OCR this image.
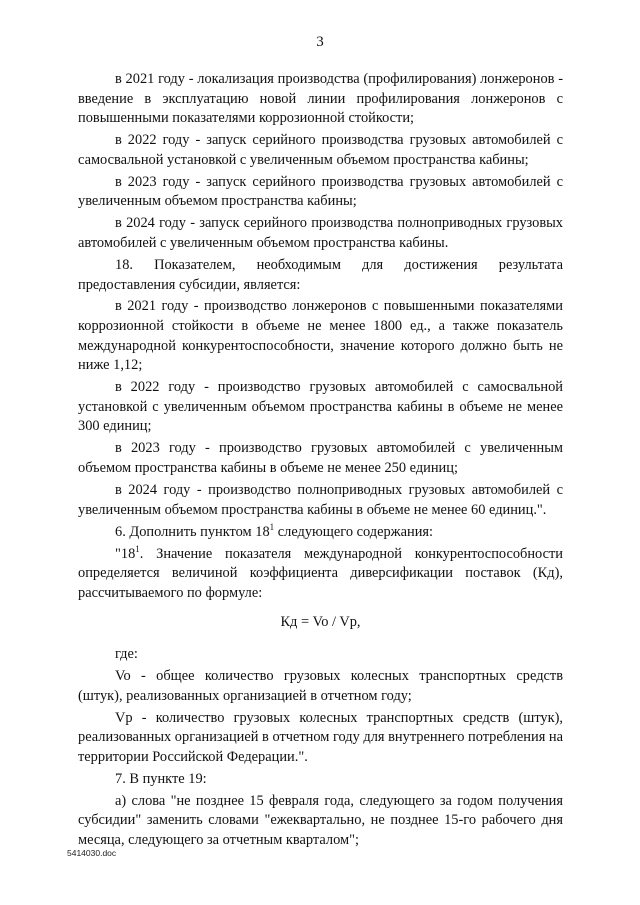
3

в 2021 году - локализация производства (профилирования) лонжеронов - введение в эксплуатацию новой линии профилирования лонжеронов с повышенными показателями коррозионной стойкости;

в 2022 году - запуск серийного производства грузовых автомобилей с самосвальной установкой с увеличенным объемом пространства кабины;

в 2023 году - запуск серийного производства грузовых автомобилей с увеличенным объемом пространства кабины;

в 2024 году - запуск серийного производства полноприводных грузовых автомобилей с увеличенным объемом пространства кабины.

18. Показателем, необходимым для достижения результата предоставления субсидии, является:

в 2021 году - производство лонжеронов с повышенными показателями коррозионной стойкости в объеме не менее 1800 ед., а также показатель международной конкурентоспособности, значение которого должно быть не ниже 1,12;

в 2022 году - производство грузовых автомобилей с самосвальной установкой с увеличенным объемом пространства кабины в объеме не менее 300 единиц;

в 2023 году - производство грузовых автомобилей с увеличенным объемом пространства кабины в объеме не менее 250 единиц;

в 2024 году - производство полноприводных грузовых автомобилей с увеличенным объемом пространства кабины в объеме не менее 60 единиц.".

6. Дополнить пунктом $18^1$ следующего содержания:

"$18^1$. Значение показателя международной конкурентоспособности определяется величиной коэффициента диверсификации поставок (Кд), рассчитываемого по формуле:

Кд = Vo / Vp,

где:

Vo - общее количество грузовых колесных транспортных средств (штук), реализованных организацией в отчетном году;

Vp - количество грузовых колесных транспортных средств (штук), реализованных организацией в отчетном году для внутреннего потребления на территории Российской Федерации.".

7. В пункте 19:

а) слова "не позднее 15 февраля года, следующего за годом получения субсидии" заменить словами "ежеквартально, не позднее 15-го рабочего дня месяца, следующего за отчетным кварталом";

5414030.doc
